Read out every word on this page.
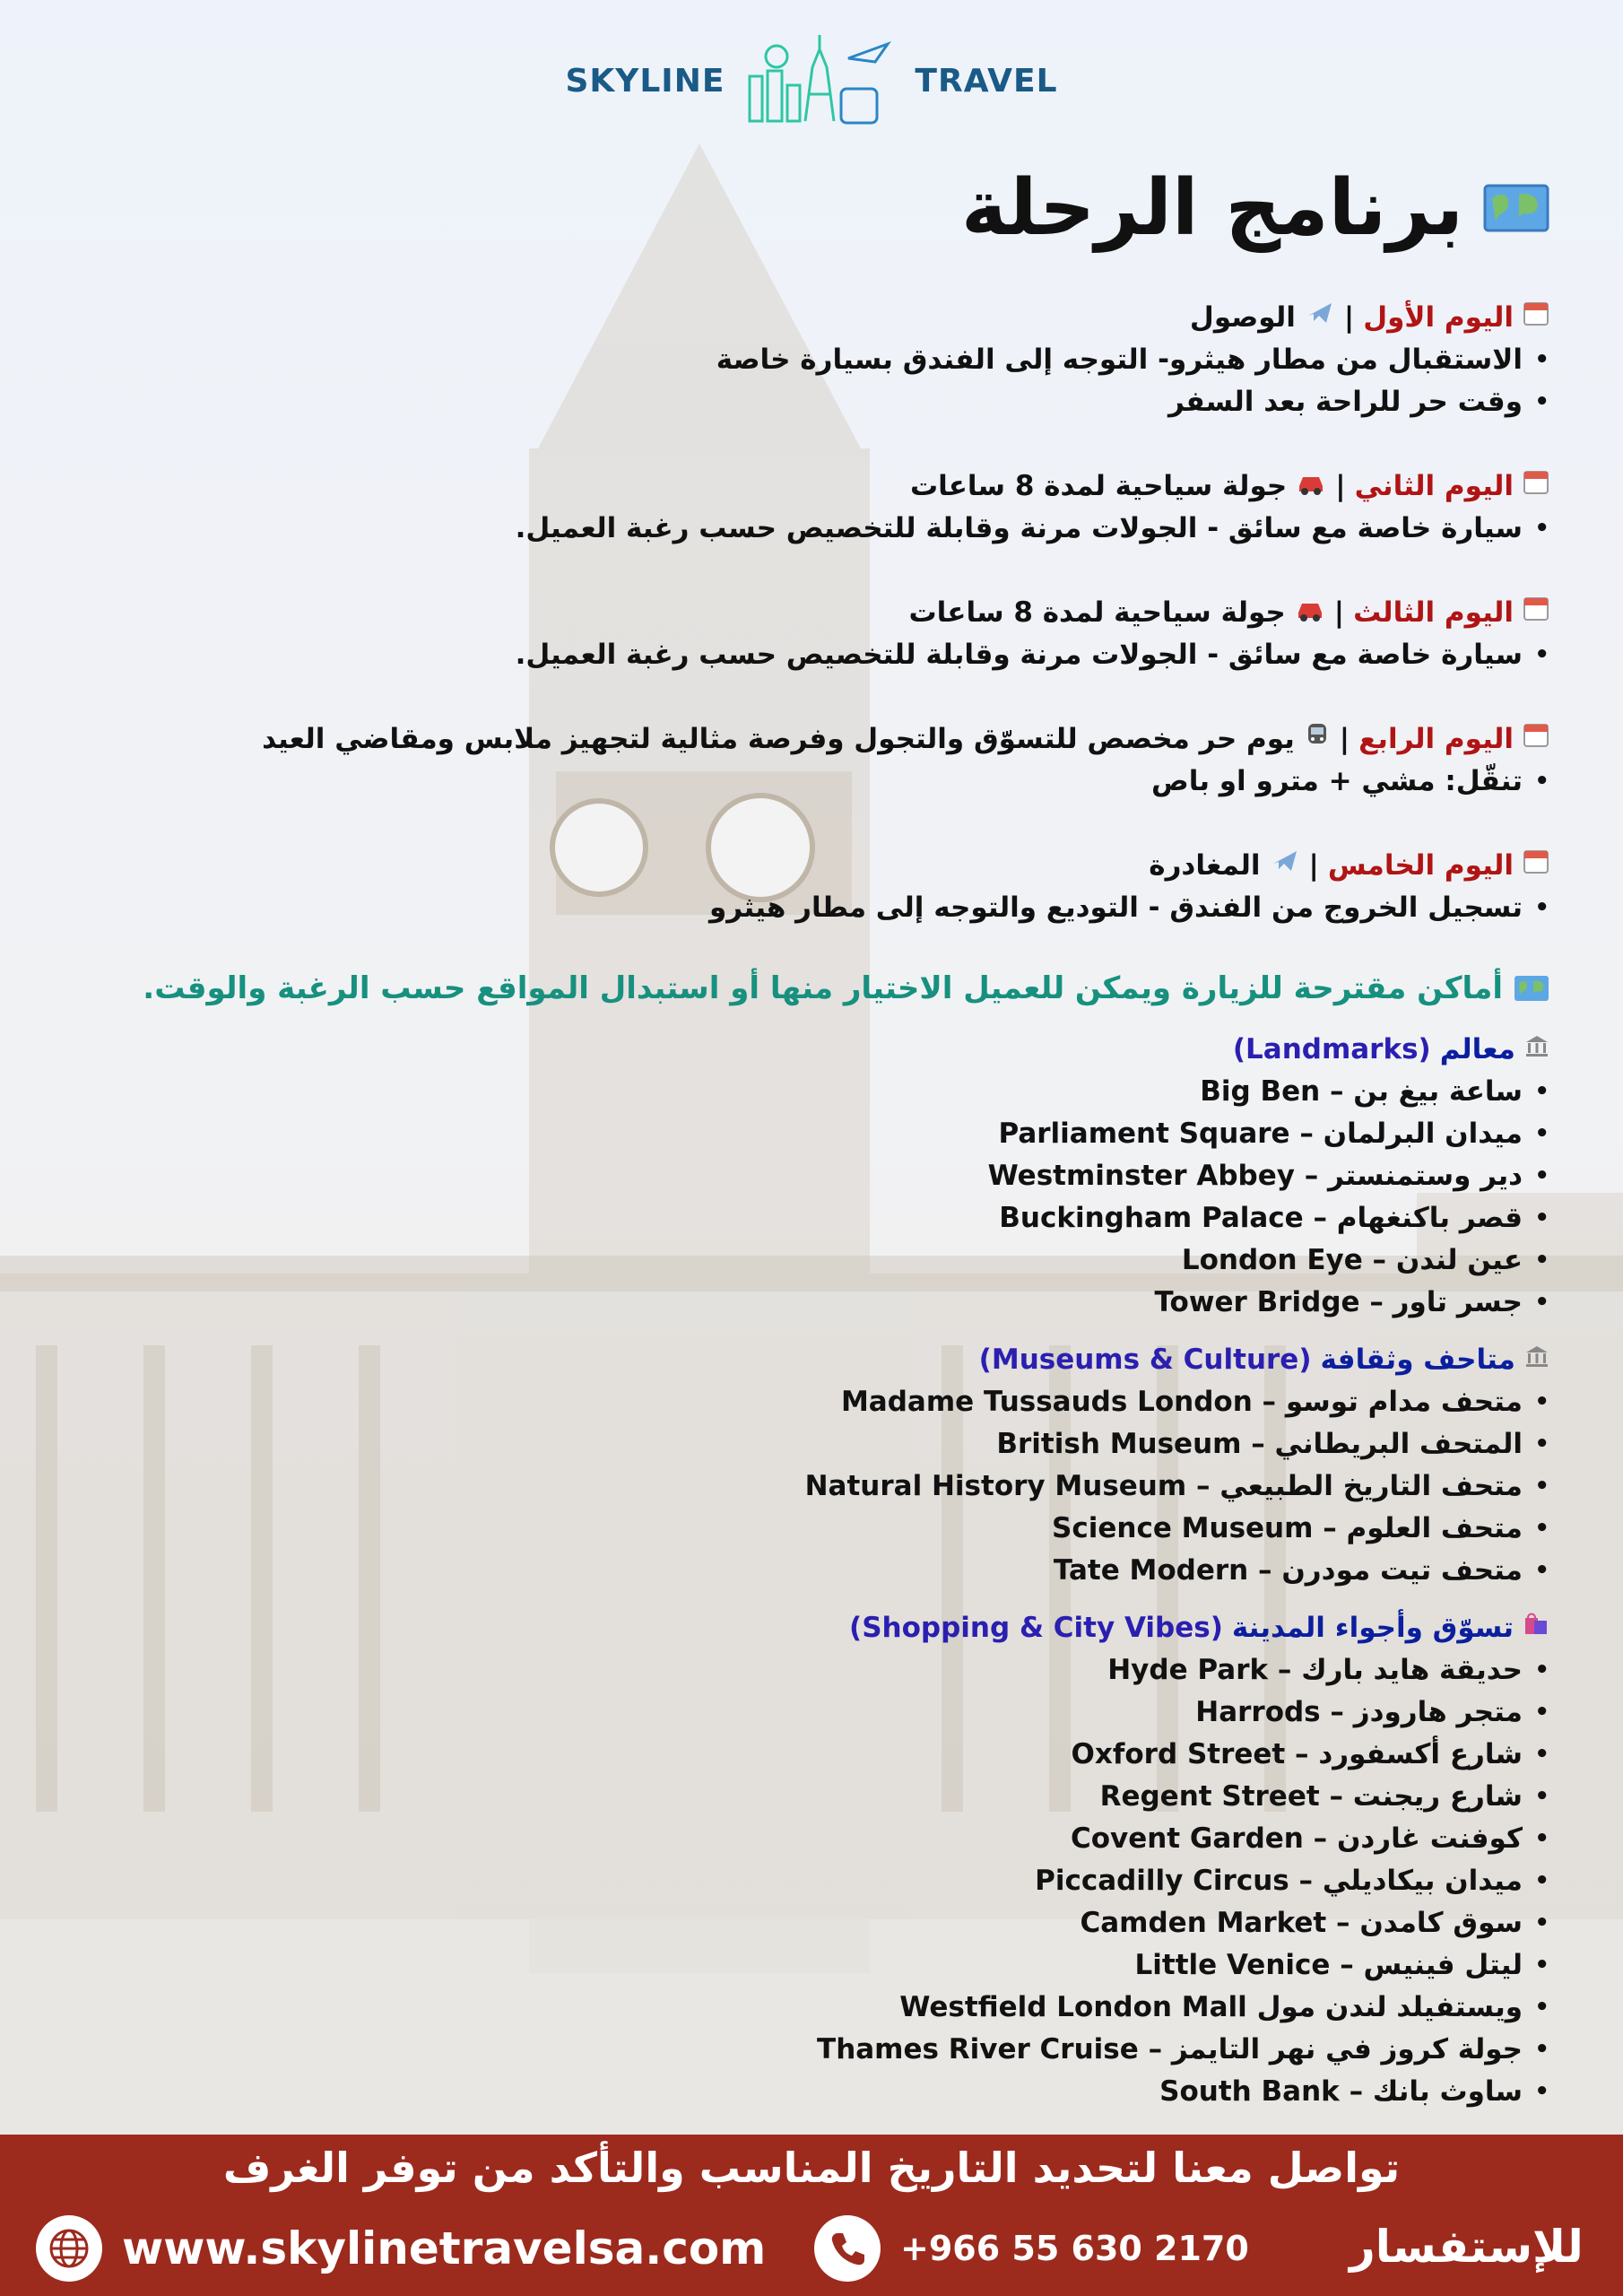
SKYLINE	TRAVEL
برنامج الرحلة
اليوم الأول
|
الوصول
• الاستقبال من مطار هيثرو- التوجه إلى الفندق بسيارة خاصة
• وقت حر للراحة بعد السفر
اليوم الثاني
|
جولة سياحية لمدة 8 ساعات
• سيارة خاصة مع سائق - الجولات مرنة وقابلة للتخصيص حسب رغبة العميل.
اليوم الثالث
|
جولة سياحية لمدة 8 ساعات
• سيارة خاصة مع سائق - الجولات مرنة وقابلة للتخصيص حسب رغبة العميل.
اليوم الرابع
|
يوم حر مخصص للتسوّق والتجول وفرصة مثالية لتجهيز ملابس ومقاضي العيد
• تنقّل: مشي + مترو او باص
اليوم الخامس
|
المغادرة
• تسجيل الخروج من الفندق - التوديع والتوجه إلى مطار هيثرو
أماكن مقترحة للزيارة ويمكن للعميل الاختيار منها أو استبدال المواقع حسب الرغبة والوقت.
معالم
(Landmarks)
• ساعة بيغ بن – Big Ben
• ميدان البرلمان – Parliament Square
• دير وستمنستر – Westminster Abbey
• قصر باكنغهام – Buckingham Palace
• عين لندن – London Eye
• جسر تاور – Tower Bridge
متاحف وثقافة
(Museums & Culture)
• متحف مدام توسو – Madame Tussauds London
• المتحف البريطاني – British Museum
• متحف التاريخ الطبيعي – Natural History Museum
• متحف العلوم – Science Museum
• متحف تيت مودرن – Tate Modern
تسوّق وأجواء المدينة
(Shopping & City Vibes)
• حديقة هايد بارك – Hyde Park
• متجر هارودز – Harrods
• شارع أكسفورد – Oxford Street
• شارع ريجنت – Regent Street
• كوفنت غاردن – Covent Garden
• ميدان بيكاديلي – Piccadilly Circus
• سوق كامدن – Camden Market
• ليتل فينيس – Little Venice
• ويستفيلد لندن مول Westfield London Mall
• جولة كروز في نهر التايمز – Thames River Cruise
• ساوث بانك – South Bank
تواصل معنا لتحديد التاريخ المناسب والتأكد من توفر الغرف
www.skylinetravelsa.com	+966 55 630 2170 للإستفسار
